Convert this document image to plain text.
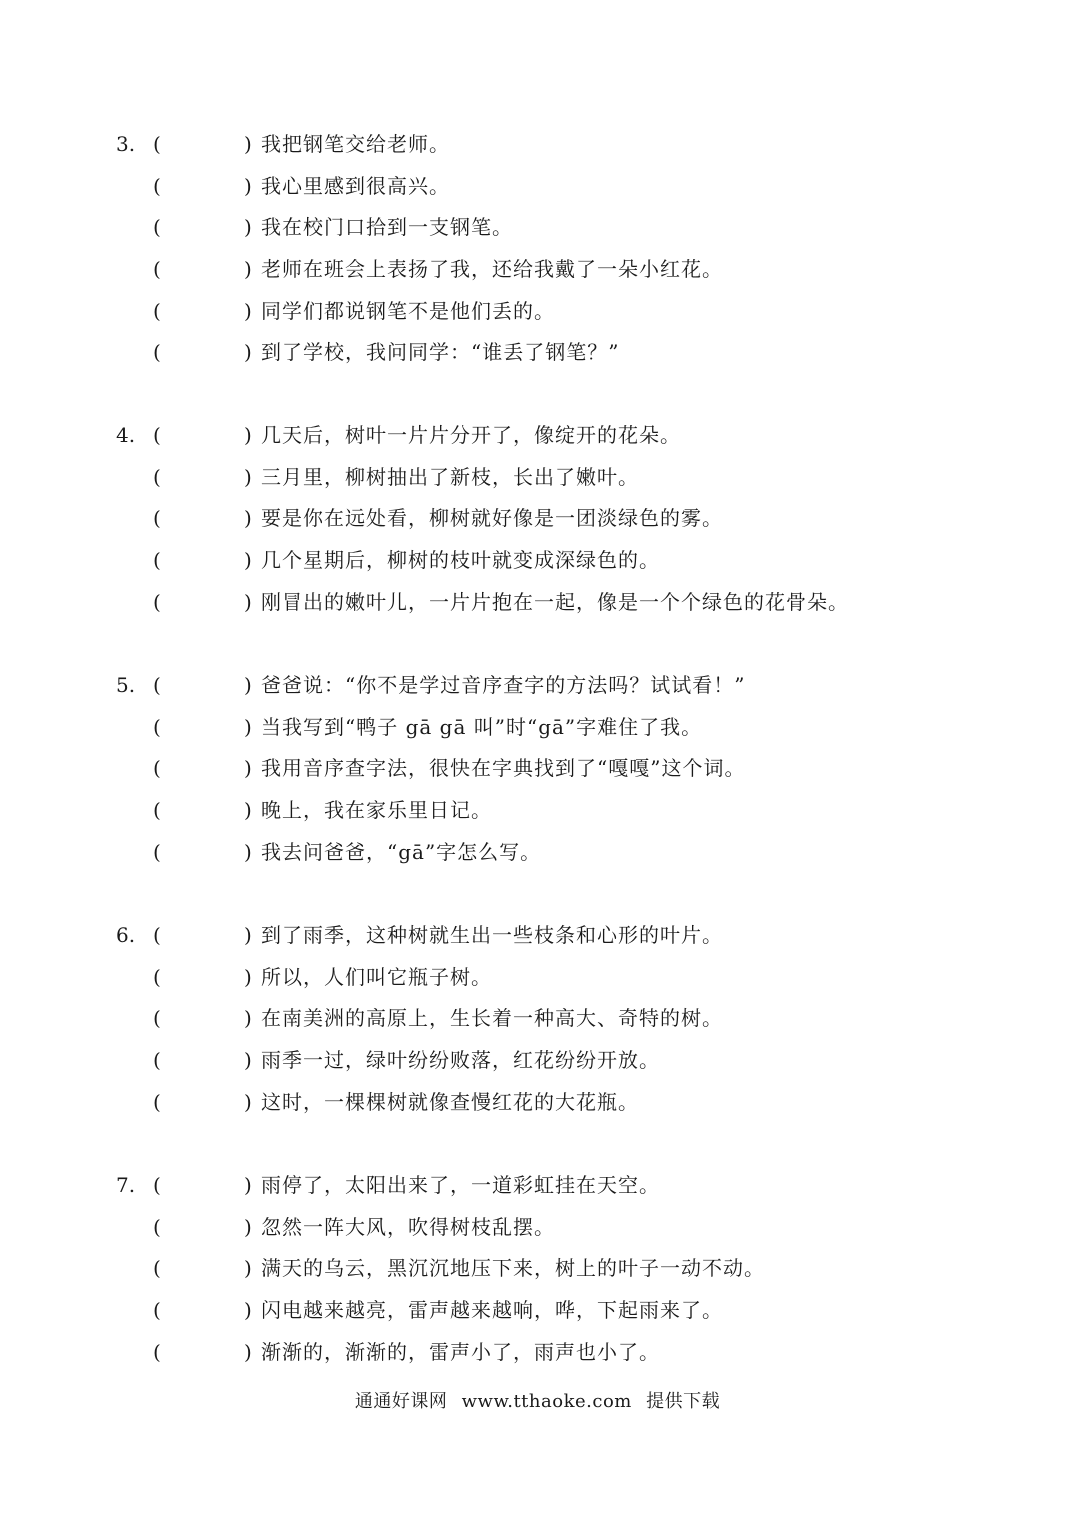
3. (	) 我把钢笔交给老师。
(	) 我心里感到很高兴。
(	) 我在校门口拾到一支钢笔。
(	) 老师在班会上表扬了我，还给我戴了一朵小红花。
(	) 同学们都说钢笔不是他们丢的。
(	) 到了学校，我问同学：“谁丢了钢笔？”
4. (	) 几天后，树叶一片片分开了，像绽开的花朵。
(	) 三月里，柳树抽出了新枝，长出了嫩叶。
(	) 要是你在远处看，柳树就好像是一团淡绿色的雾。
(	) 几个星期后，柳树的枝叶就变成深绿色的。
(	) 刚冒出的嫩叶儿，一片片抱在一起，像是一个个绿色的花骨朵。
5. (	) 爸爸说：“你不是学过音序查字的方法吗？试试看！”
(	) 当我写到“鸭子 gā gā 叫”时“gā”字难住了我。
(	) 我用音序查字法，很快在字典找到了“嘎嘎”这个词。
(	) 晚上，我在家乐里日记。
(	) 我去问爸爸，“gā”字怎么写。
6. (	) 到了雨季，这种树就生出一些枝条和心形的叶片。
(	) 所以，人们叫它瓶子树。
(	) 在南美洲的高原上，生长着一种高大、奇特的树。
(	) 雨季一过，绿叶纷纷败落，红花纷纷开放。
(	) 这时，一棵棵树就像查慢红花的大花瓶。
7. (	) 雨停了，太阳出来了，一道彩虹挂在天空。
(	) 忽然一阵大风，吹得树枝乱摆。
(	) 满天的乌云，黑沉沉地压下来，树上的叶子一动不动。
(	) 闪电越来越亮，雷声越来越响，哗，下起雨来了。
(	) 渐渐的，渐渐的，雷声小了，雨声也小了。
通通好课网 www.tthaoke.com 提供下载
